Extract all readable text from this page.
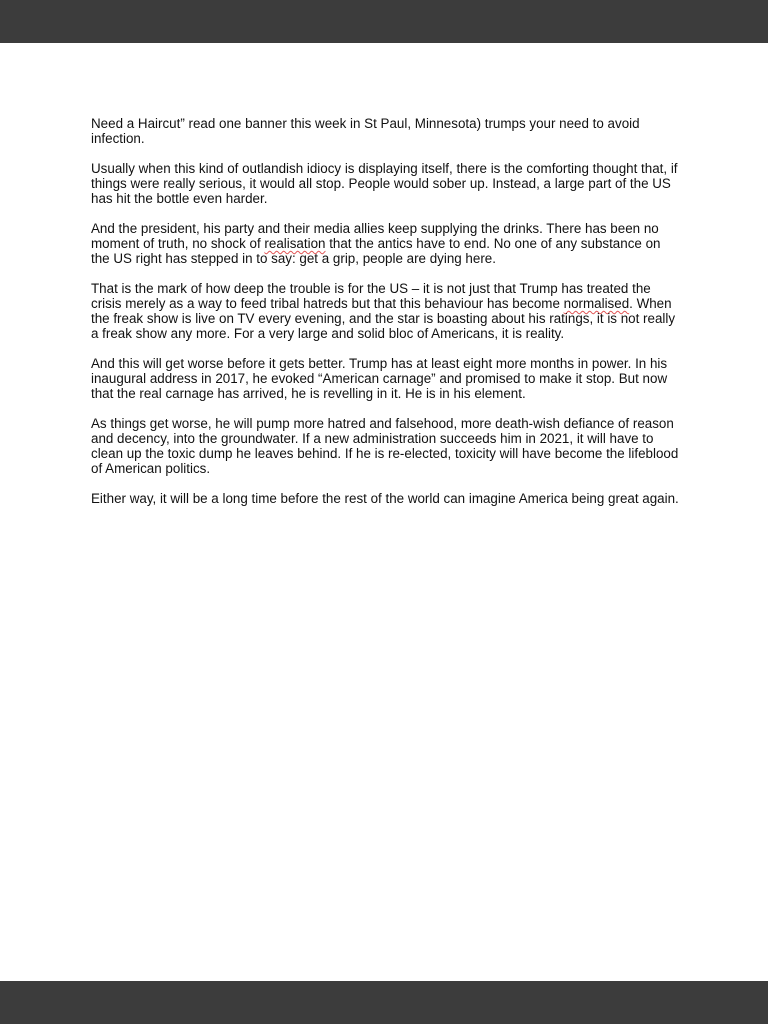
Need a Haircut” read one banner this week in St Paul, Minnesota) trumps your need to avoid infection.

Usually when this kind of outlandish idiocy is displaying itself, there is the comforting thought that, if things were really serious, it would all stop. People would sober up. Instead, a large part of the US has hit the bottle even harder.

And the president, his party and their media allies keep supplying the drinks. There has been no moment of truth, no shock of realisation that the antics have to end. No one of any substance on the US right has stepped in to say: get a grip, people are dying here.

That is the mark of how deep the trouble is for the US – it is not just that Trump has treated the crisis merely as a way to feed tribal hatreds but that this behaviour has become normalised. When the freak show is live on TV every evening, and the star is boasting about his ratings, it is not really a freak show any more. For a very large and solid bloc of Americans, it is reality.

And this will get worse before it gets better. Trump has at least eight more months in power. In his inaugural address in 2017, he evoked “American carnage” and promised to make it stop. But now that the real carnage has arrived, he is revelling in it. He is in his element.

As things get worse, he will pump more hatred and falsehood, more death-wish defiance of reason and decency, into the groundwater. If a new administration succeeds him in 2021, it will have to clean up the toxic dump he leaves behind. If he is re-elected, toxicity will have become the lifeblood of American politics.

Either way, it will be a long time before the rest of the world can imagine America being great again.
